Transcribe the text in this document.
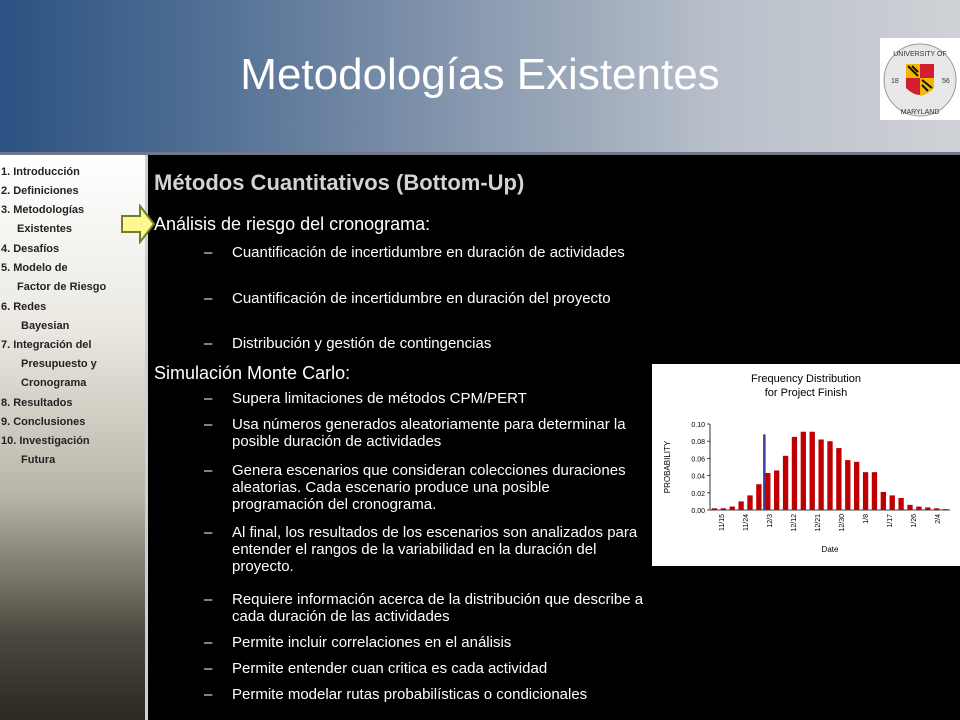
Metodologías Existentes	UNIVERSITY OF
MARYLAND
18	56
1. Introducción
2. Definiciones
3. Metodologías
Existentes
4. Desafíos
5. Modelo de
Factor de Riesgo
6. Redes
Bayesian
7. Integración del
Presupuesto y
Cronograma
8. Resultados
9. Conclusiones
10. Investigación
Futura
Métodos Cuantitativos (Bottom-Up)
Análisis de riesgo del cronograma:
– Cuantificación de incertidumbre en duración de actividades
– Cuantificación de incertidumbre en duración del proyecto
– Distribución y gestión de contingencias
Simulación Monte Carlo:
– Supera limitaciones de métodos CPM/PERT
– Usa números generados aleatoriamente para determinar la posible duración de actividades
– Genera escenarios que consideran colecciones duraciones aleatorias. Cada escenario produce una posible programación del cronograma.
– Al final, los resultados de los escenarios son analizados para entender el rangos de la variabilidad en la duración del proyecto.
– Requiere información acerca de la distribución que describe a cada duración de las actividades
– Permite incluir correlaciones en el análisis
– Permite entender cuan critica es cada actividad
– Permite modelar rutas probabilísticas o condicionales
Frequency Distribution
for Project Finish
PROBABILITY
Date
0.00
0.02
0.04
0.06
0.08
0.10
11/15 11/24 12/3 12/12 12/21 12/30 1/8 1/17 1/26 2/4
